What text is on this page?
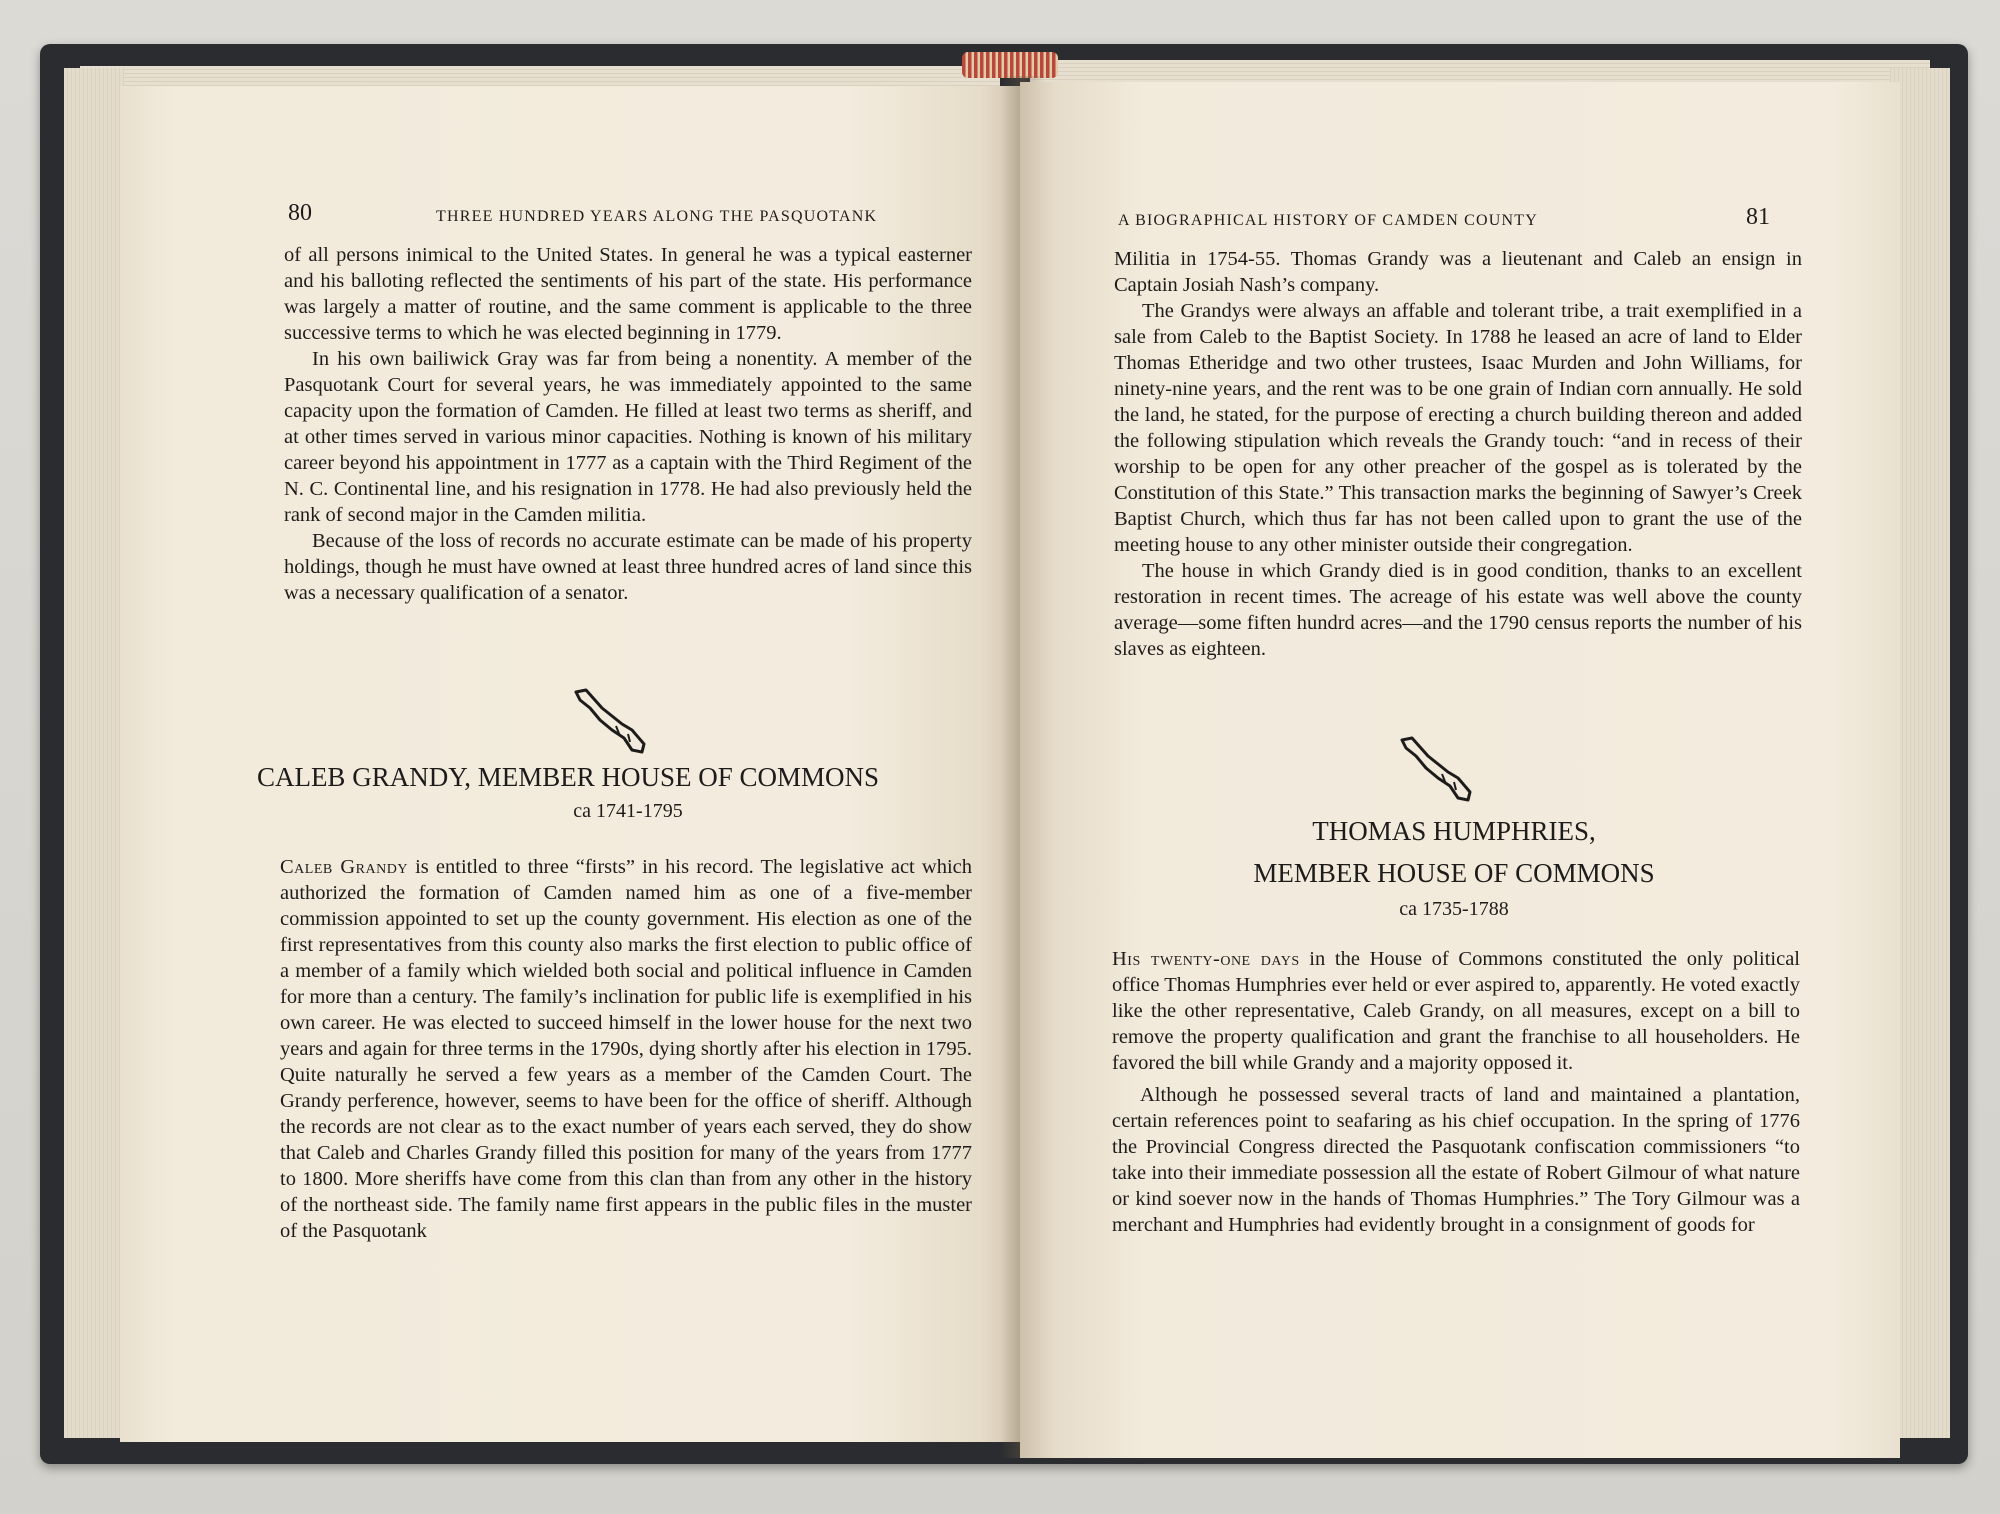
80	THREE HUNDRED YEARS ALONG THE PASQUOTANK

of all persons inimical to the United States. In general he was a typical easterner and his balloting reflected the sentiments of his part of the state. His performance was largely a matter of routine, and the same comment is applicable to the three successive terms to which he was elected beginning in 1779.

In his own bailiwick Gray was far from being a nonentity. A member of the Pasquotank Court for several years, he was immediately appointed to the same capacity upon the formation of Camden. He filled at least two terms as sheriff, and at other times served in various minor capacities. Nothing is known of his military career beyond his appointment in 1777 as a captain with the Third Regiment of the N. C. Continental line, and his resignation in 1778. He had also previously held the rank of second major in the Camden militia.

Because of the loss of records no accurate estimate can be made of his property holdings, though he must have owned at least three hundred acres of land since this was a necessary qualification of a senator.

CALEB GRANDY, MEMBER HOUSE OF COMMONS
ca 1741-1795

Caleb Grandy is entitled to three “firsts” in his record. The legislative act which authorized the formation of Camden named him as one of a five-member commission appointed to set up the county government. His election as one of the first representatives from this county also marks the first election to public office of a member of a family which wielded both social and political influence in Camden for more than a century. The family’s inclination for public life is exemplified in his own career. He was elected to succeed himself in the lower house for the next two years and again for three terms in the 1790s, dying shortly after his election in 1795. Quite naturally he served a few years as a member of the Camden Court. The Grandy perference, however, seems to have been for the office of sheriff. Although the records are not clear as to the exact number of years each served, they do show that Caleb and Charles Grandy filled this position for many of the years from 1777 to 1800. More sheriffs have come from this clan than from any other in the history of the northeast side. The family name first appears in the public files in the muster of the Pasquotank

A BIOGRAPHICAL HISTORY OF CAMDEN COUNTY	81

Militia in 1754-55. Thomas Grandy was a lieutenant and Caleb an ensign in Captain Josiah Nash’s company.

The Grandys were always an affable and tolerant tribe, a trait exemplified in a sale from Caleb to the Baptist Society. In 1788 he leased an acre of land to Elder Thomas Etheridge and two other trustees, Isaac Murden and John Williams, for ninety-nine years, and the rent was to be one grain of Indian corn annually. He sold the land, he stated, for the purpose of erecting a church building thereon and added the following stipulation which reveals the Grandy touch: “and in recess of their worship to be open for any other preacher of the gospel as is tolerated by the Constitution of this State.” This transaction marks the beginning of Sawyer’s Creek Baptist Church, which thus far has not been called upon to grant the use of the meeting house to any other minister outside their congregation.

The house in which Grandy died is in good condition, thanks to an excellent restoration in recent times. The acreage of his estate was well above the county average—some fiften hundrd acres—and the 1790 census reports the number of his slaves as eighteen.

THOMAS HUMPHRIES,
MEMBER HOUSE OF COMMONS
ca 1735-1788

His twenty-one days in the House of Commons constituted the only political office Thomas Humphries ever held or ever aspired to, apparently. He voted exactly like the other representative, Caleb Grandy, on all measures, except on a bill to remove the property qualification and grant the franchise to all householders. He favored the bill while Grandy and a majority opposed it.

Although he possessed several tracts of land and maintained a plantation, certain references point to seafaring as his chief occupation. In the spring of 1776 the Provincial Congress directed the Pasquotank confiscation commissioners “to take into their immediate possession all the estate of Robert Gilmour of what nature or kind soever now in the hands of Thomas Humphries.” The Tory Gilmour was a merchant and Humphries had evidently brought in a consignment of goods for
